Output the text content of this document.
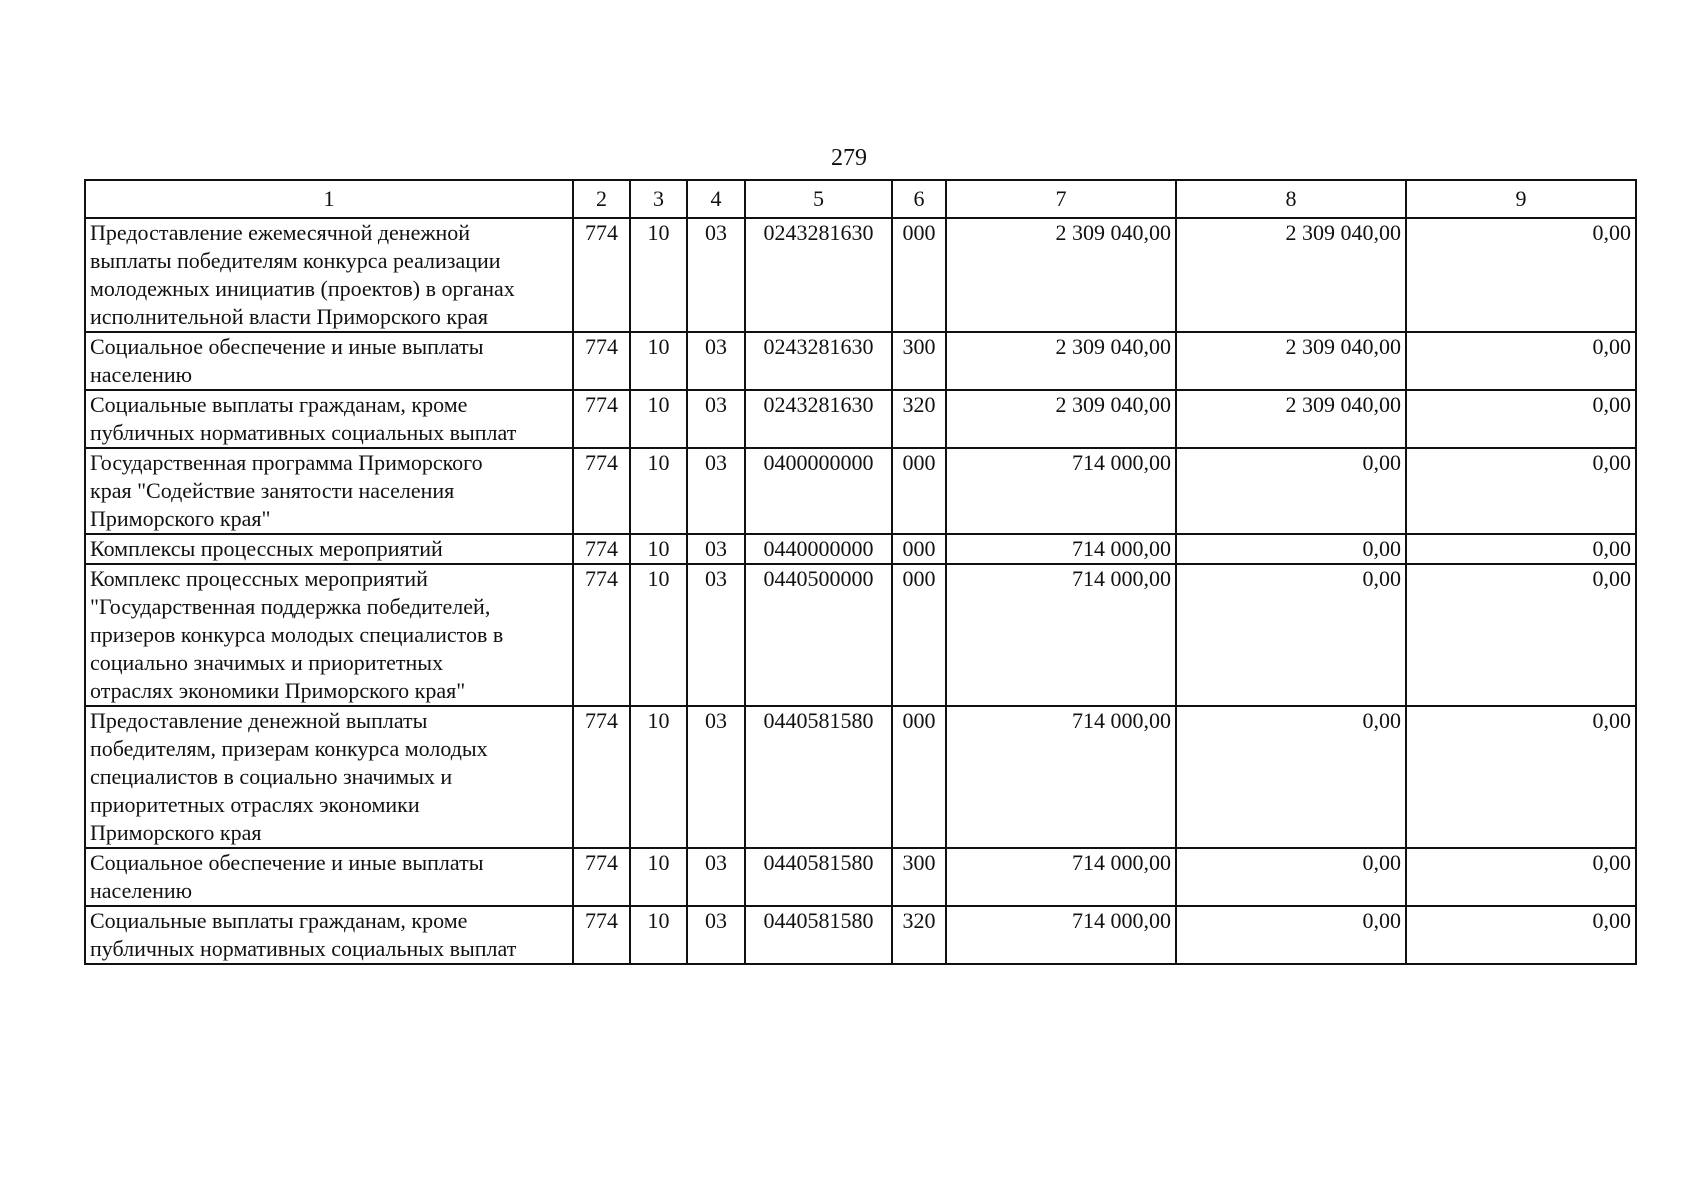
279
1	2	3	4	5	6	7	8	9
Предоставление ежемесячной денежной
выплаты победителям конкурса реализации
молодежных инициатив (проектов) в органах
исполнительной власти Приморского края	774	10	03	0243281630	000	2 309 040,00	2 309 040,00	0,00
Социальное обеспечение и иные выплаты
населению	774	10	03	0243281630	300	2 309 040,00	2 309 040,00	0,00
Социальные выплаты гражданам, кроме
публичных нормативных социальных выплат	774	10	03	0243281630	320	2 309 040,00	2 309 040,00	0,00
Государственная программа Приморского
края "Содействие занятости населения
Приморского края"	774	10	03	0400000000	000	714 000,00	0,00	0,00
Комплексы процессных мероприятий	774	10	03	0440000000	000	714 000,00	0,00	0,00
Комплекс процессных мероприятий
"Государственная поддержка победителей,
призеров конкурса молодых специалистов в
социально значимых и приоритетных
отраслях экономики Приморского края"	774	10	03	0440500000	000	714 000,00	0,00	0,00
Предоставление денежной выплаты
победителям, призерам конкурса молодых
специалистов в социально значимых и
приоритетных отраслях экономики
Приморского края	774	10	03	0440581580	000	714 000,00	0,00	0,00
Социальное обеспечение и иные выплаты
населению	774	10	03	0440581580	300	714 000,00	0,00	0,00
Социальные выплаты гражданам, кроме
публичных нормативных социальных выплат	774	10	03	0440581580	320	714 000,00	0,00	0,00
